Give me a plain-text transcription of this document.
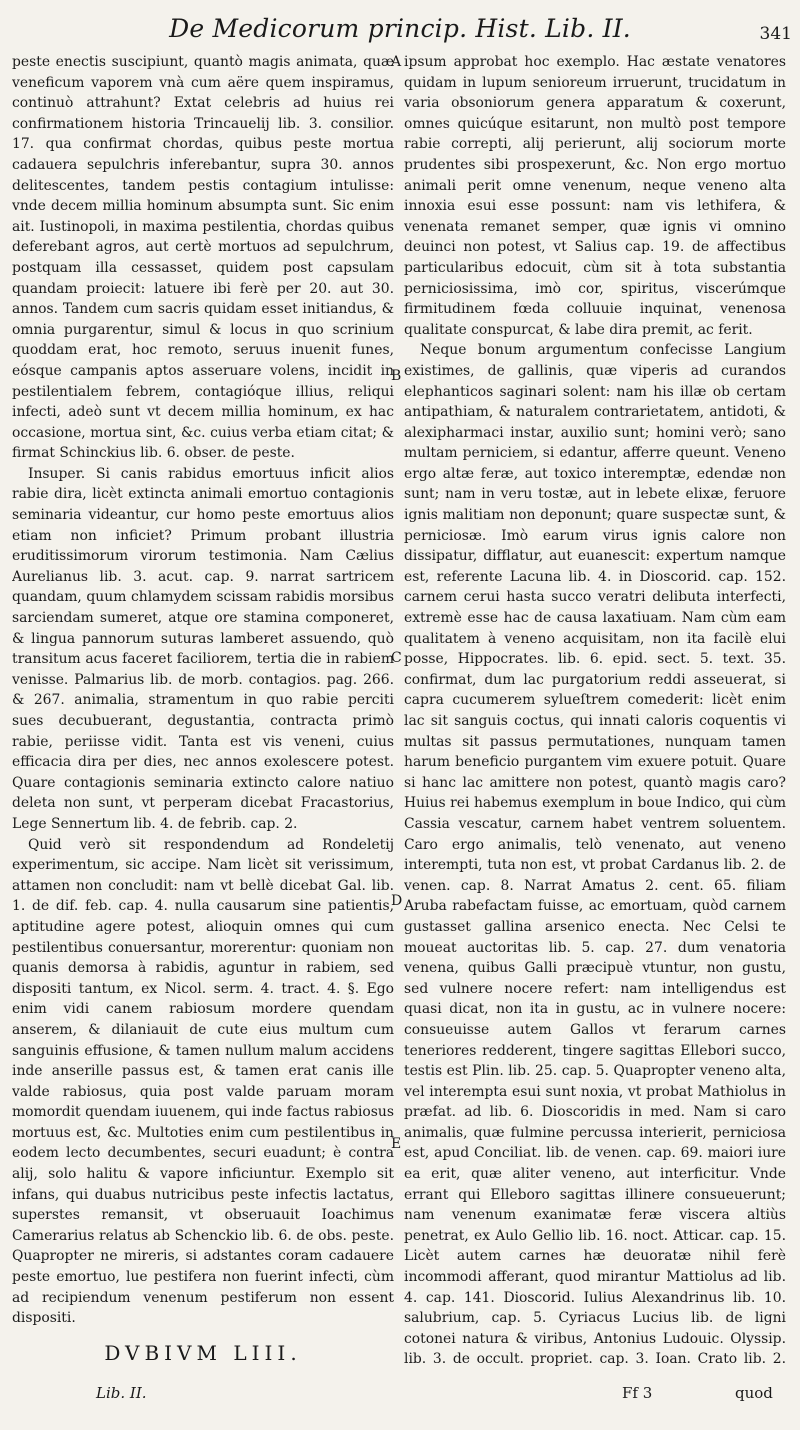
De Medicorum princip. Hist. Lib. II.	341

peste enectis suscipiunt, quantò magis animata, quæ veneficum vaporem vnà cum aëre quem inspiramus, continuò attrahunt? Extat celebris ad huius rei confirmationem historia Trincauelij lib. 3. consilior. 17. qua confirmat chordas, quibus peste mortua cadauera sepulchris inferebantur, supra 30. annos delitescentes, tandem pestis contagium intulisse: vnde decem millia hominum absumpta sunt. Sic enim ait. Iustinopoli, in maxima pestilentia, chordas quibus deferebant agros, aut certè mortuos ad sepulchrum, postquam illa cessasset, quidem post capsulam quandam proiecit: latuere ibi ferè per 20. aut 30. annos. Tandem cum sacris quidam esset initiandus, & omnia purgarentur, simul & locus in quo scrinium quoddam erat, hoc remoto, seruus inuenit funes, eósque campanis aptos asseruare volens, incidit in pestilentialem febrem, contagióque illius, reliqui infecti, adeò sunt vt decem millia hominum, ex hac occasione, mortua sint, &c. cuius verba etiam citat; & firmat Schinckius lib. 6. obser. de peste.

Insuper. Si canis rabidus emortuus inficit alios rabie dira, licèt extincta animali emortuo contagionis seminaria videantur, cur homo peste emortuus alios etiam non inficiet? Primum probant illustria eruditissimorum virorum testimonia. Nam Cælius Aurelianus lib. 3. acut. cap. 9. narrat sartricem quandam, quum chlamydem scissam rabidis morsibus sarciendam sumeret, atque ore stamina componeret, & lingua pannorum suturas lamberet assuendo, quò transitum acus faceret faciliorem, tertia die in rabiem venisse. Palmarius lib. de morb. contagios. pag. 266. & 267. animalia, stramentum in quo rabie perciti sues decubuerant, degustantia, contracta primò rabie, periisse vidit. Tanta est vis veneni, cuius efficacia dira per dies, nec annos exolescere potest. Quare contagionis seminaria extincto calore natiuo deleta non sunt, vt perperam dicebat Fracastorius, Lege Sennertum lib. 4. de febrib. cap. 2.

Quid verò sit respondendum ad Rondeletij experimentum, sic accipe. Nam licèt sit verissimum, attamen non concludit: nam vt bellè dicebat Gal. lib. 1. de dif. feb. cap. 4. nulla causarum sine patientis, aptitudine agere potest, alioquin omnes qui cum pestilentibus conuersantur, morerentur: quoniam non quanis demorsa à rabidis, aguntur in rabiem, sed dispositi tantum, ex Nicol. serm. 4. tract. 4. §. Ego enim vidi canem rabiosum mordere quendam anserem, & dilaniauit de cute eius multum cum sanguinis effusione, & tamen nullum malum accidens inde anserille passus est, & tamen erat canis ille valde rabiosus, quia post valde paruam moram momordit quendam iuuenem, qui inde factus rabiosus mortuus est, &c. Multoties enim cum pestilentibus in eodem lecto decumbentes, securi euadunt; è contra alij, solo halitu & vapore inficiuntur. Exemplo sit infans, qui duabus nutricibus peste infectis lactatus, superstes remansit, vt obseruauit Ioachimus Camerarius relatus ab Schenckio lib. 6. de obs. peste. Quapropter ne mireris, si adstantes coram cadauere peste emortuo, lue pestifera non fuerint infecti, cùm ad recipiendum venenum pestiferum non essent dispositi.

DVBIVM LIII.
A
B
C
D
E

ipsum approbat hoc exemplo. Hac æstate venatores quidam in lupum senioreum irruerunt, trucidatum in varia obsoniorum genera apparatum & coxerunt, omnes quicúque esitarunt, non multò post tempore rabie correpti, alij perierunt, alij sociorum morte prudentes sibi prospexerunt, &c. Non ergo mortuo animali perit omne venenum, neque veneno alta innoxia esui esse possunt: nam vis lethifera, & venenata remanet semper, quæ ignis vi omnino deuinci non potest, vt Salius cap. 19. de affectibus particularibus edocuit, cùm sit à tota substantia perniciosissima, imò cor, spiritus, viscerúmque firmitudinem fœda colluuie inquinat, venenosa qualitate conspurcat, & labe dira premit, ac ferit.

Neque bonum argumentum confecisse Langium existimes, de gallinis, quæ viperis ad curandos elephanticos saginari solent: nam his illæ ob certam antipathiam, & naturalem contrarietatem, antidoti, & alexipharmaci instar, auxilio sunt; homini verò; sano multam perniciem, si edantur, afferre queunt. Veneno ergo altæ feræ, aut toxico interemptæ, edendæ non sunt; nam in veru tostæ, aut in lebete elixæ, feruore ignis malitiam non deponunt; quare suspectæ sunt, & perniciosæ. Imò earum virus ignis calore non dissipatur, difflatur, aut euanescit: expertum namque est, referente Lacuna lib. 4. in Dioscorid. cap. 152. carnem cerui hasta succo veratri delibuta interfecti, extremè esse hac de causa laxatiuam. Nam cùm eam qualitatem à veneno acquisitam, non ita facilè elui posse, Hippocrates. lib. 6. epid. sect. 5. text. 35. confirmat, dum lac purgatorium reddi asseuerat, si capra cucumerem sylueſtrem comederit: licèt enim lac sit sanguis coctus, qui innati caloris coquentis vi multas sit passus permutationes, nunquam tamen harum beneficio purgantem vim exuere potuit. Quare si hanc lac amittere non potest, quantò magis caro? Huius rei habemus exemplum in boue Indico, qui cùm Cassia vescatur, carnem habet ventrem soluentem. Caro ergo animalis, telò venenato, aut veneno interempti, tuta non est, vt probat Cardanus lib. 2. de venen. cap. 8. Narrat Amatus 2. cent. 65. filiam Aruba rabefactam fuisse, ac emortuam, quòd carnem gustasset gallina arsenico enecta. Nec Celsi te moueat auctoritas lib. 5. cap. 27. dum venatoria venena, quibus Galli præcipuè vtuntur, non gustu, sed vulnere nocere refert: nam intelligendus est quasi dicat, non ita in gustu, ac in vulnere nocere: consueuisse autem Gallos vt ferarum carnes teneriores redderent, tingere sagittas Ellebori succo, testis est Plin. lib. 25. cap. 5. Quapropter veneno alta, vel interempta esui sunt noxia, vt probat Mathiolus in præfat. ad lib. 6. Dioscoridis in med. Nam si caro animalis, quæ fulmine percussa interierit, perniciosa est, apud Conciliat. lib. de venen. cap. 69. maiori iure ea erit, quæ aliter veneno, aut interficitur. Vnde errant qui Elleboro sagittas illinere consueuerunt; nam venenum exanimatæ feræ viscera altiùs penetrat, ex Aulo Gellio lib. 16. noct. Atticar. cap. 15. Licèt autem carnes hæ deuoratæ nihil ferè incommodi afferant, quod mirantur Mattiolus ad lib. 4. cap. 141. Dioscorid. Iulius Alexandrinus lib. 10. salubrium, cap. 5. Cyriacus Lucius lib. de ligni cotonei natura & viribus, Antonius Ludouic. Olyssip. lib. 3. de occult. propriet. cap. 3. Ioan. Crato lib. 2.

Lib. II.	Ff 3	quod
